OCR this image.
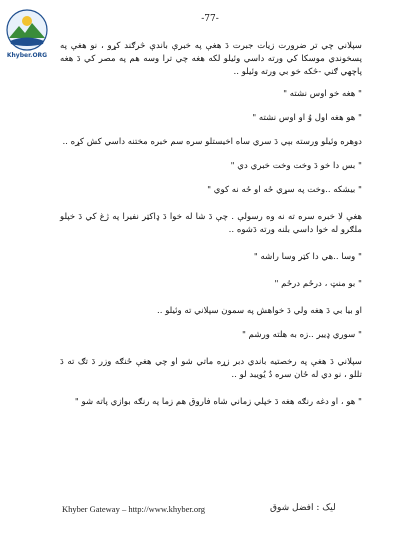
-77-
Khyber.ORG

سپلاني چي تر ضرورت زيات جبرت دَ هغې په خبرې باندې څرګند کړو ، نو هغې په پسخوندي موسکا کي ورته داسي وئيلو لکه هغه چي ترا وسه هم په مصر کي دَ هغه پاچهي ګني -څکه خو بي ورته وئيلو ..

" هغه خو اوس نشته "

" هو هغه اول وُ او اوس نشته "

دوهره وئيلو ورسته بېي دَ سري ساه اخيستلو سره سم خبره مختنه داسي کش کړه ..

" بس دا خو دَ وخت وخت خبري دي "

" بيشکه ..وخت په سړي ځه او ځه نه کوي "

هغې لا خبره سره ته نه وه رسولې . چې دَ شا له خوا دَ ډاکټر نفيرا په ژغ کي دَ خپلو ملګرو له خوا داسي بلنه ورته دَشوه ..

" وسا ..هي دا کټر وسا راشه "

" بو منټ ، درځم درځم "

او بيا بي دَ هغه ولي دَ خواهش په سمون سپلاني ته وئيلو ..

" سوري ډيير ..زه به هلته ورشم "

سپلاني دَ هغې په رخصتيه باندي دبر زړه ماتي شو او چي هغې ځنګه وزر دَ تګ ته دَ تللو ، نو دي له ځان سره دُ يُويبد لو ..

" هو ، او دغه رنګه هغه دَ خپلي زماني شاه فاروق هم زما په رنګه بوازي پاته شو "

Khyber Gateway – http://www.khyber.org	ليک : افضل شوق
